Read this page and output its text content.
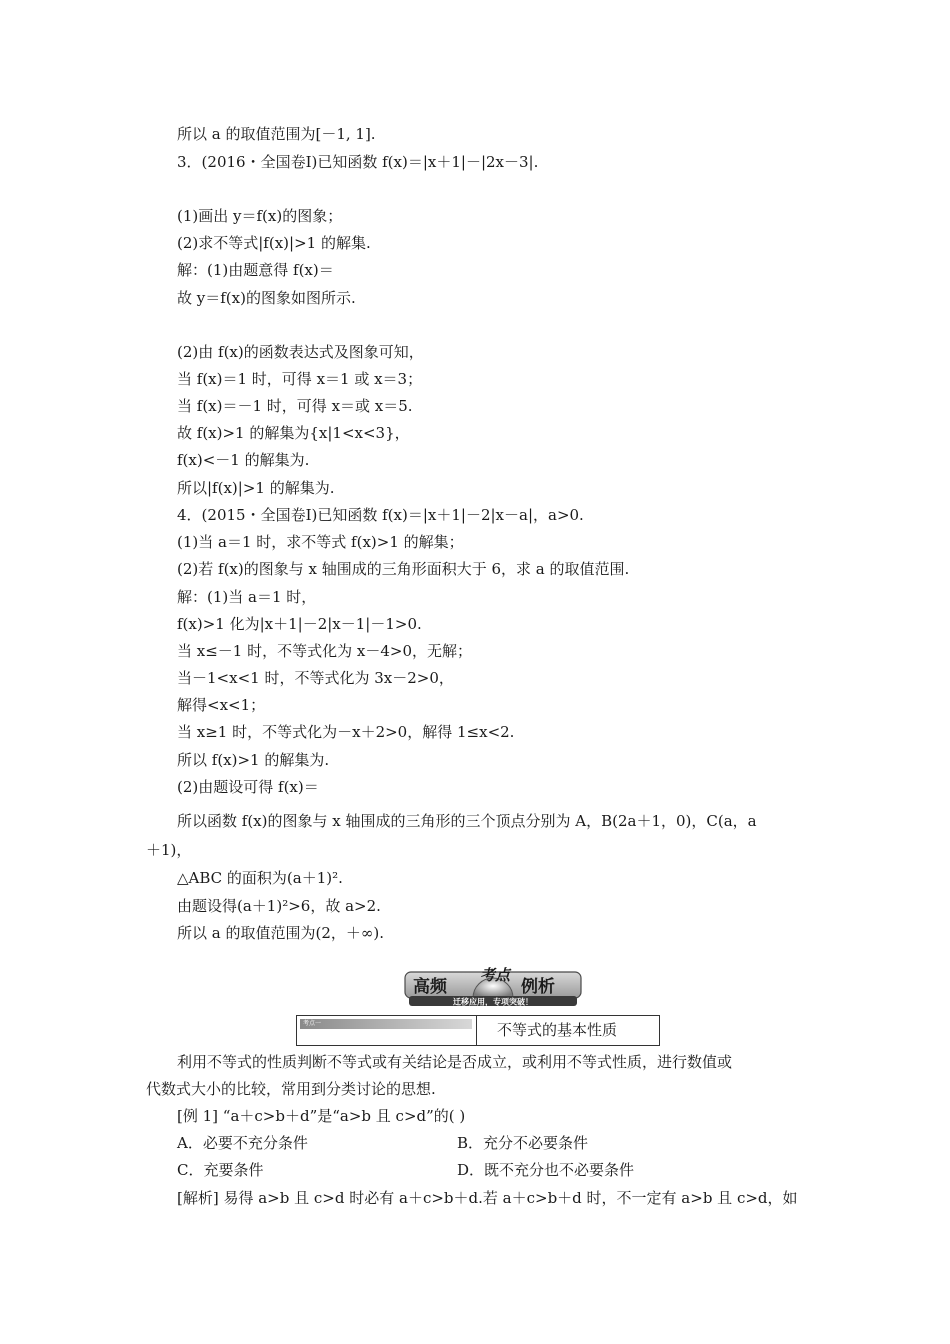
所以 a 的取值范围为[－1, 1].
3．(2016・全国卷Ⅰ)已知函数 f(x)＝|x＋1|－|2x－3|.
(1)画出 y＝f(x)的图象；
(2)求不等式|f(x)|>1 的解集.
解：(1)由题意得 f(x)＝
故 y＝f(x)的图象如图所示.
(2)由 f(x)的函数表达式及图象可知，
当 f(x)＝1 时，可得 x＝1 或 x＝3；
当 f(x)＝－1 时，可得 x＝或 x＝5.
故 f(x)>1 的解集为{x|1<x<3}，
f(x)<－1 的解集为.
所以|f(x)|>1 的解集为.
4．(2015・全国卷Ⅰ)已知函数 f(x)＝|x＋1|－2|x－a|，a>0.
(1)当 a＝1 时，求不等式 f(x)>1 的解集；
(2)若 f(x)的图象与 x 轴围成的三角形面积大于 6，求 a 的取值范围.
解：(1)当 a＝1 时，
f(x)>1 化为|x＋1|－2|x－1|－1>0.
当 x≤－1 时，不等式化为 x－4>0，无解；
当－1<x<1 时，不等式化为 3x－2>0，
解得<x<1；
当 x≥1 时，不等式化为－x＋2>0，解得 1≤x<2.
所以 f(x)>1 的解集为.
(2)由题设可得 f(x)＝
所以函数 f(x)的图象与 x 轴围成的三角形的三个顶点分别为 A，B(2a＋1，0)，C(a，a
＋1)，
△ABC 的面积为(a＋1)².
由题设得(a＋1)²>6，故 a>2.
所以 a 的取值范围为(2，＋∞).
高频
考点
例析
迁移应用，专项突破！
考点一	不等式的基本性质
利用不等式的性质判断不等式或有关结论是否成立，或利用不等式性质，进行数值或
代数式大小的比较，常用到分类讨论的思想.
[例 1] “a＋c>b＋d”是“a>b 且 c>d”的( )
A．必要不充分条件	B．充分不必要条件
C．充要条件	D．既不充分也不必要条件
[解析] 易得 a>b 且 c>d 时必有 a＋c>b＋d.若 a＋c>b＋d 时，不一定有 a>b 且 c>d，如
